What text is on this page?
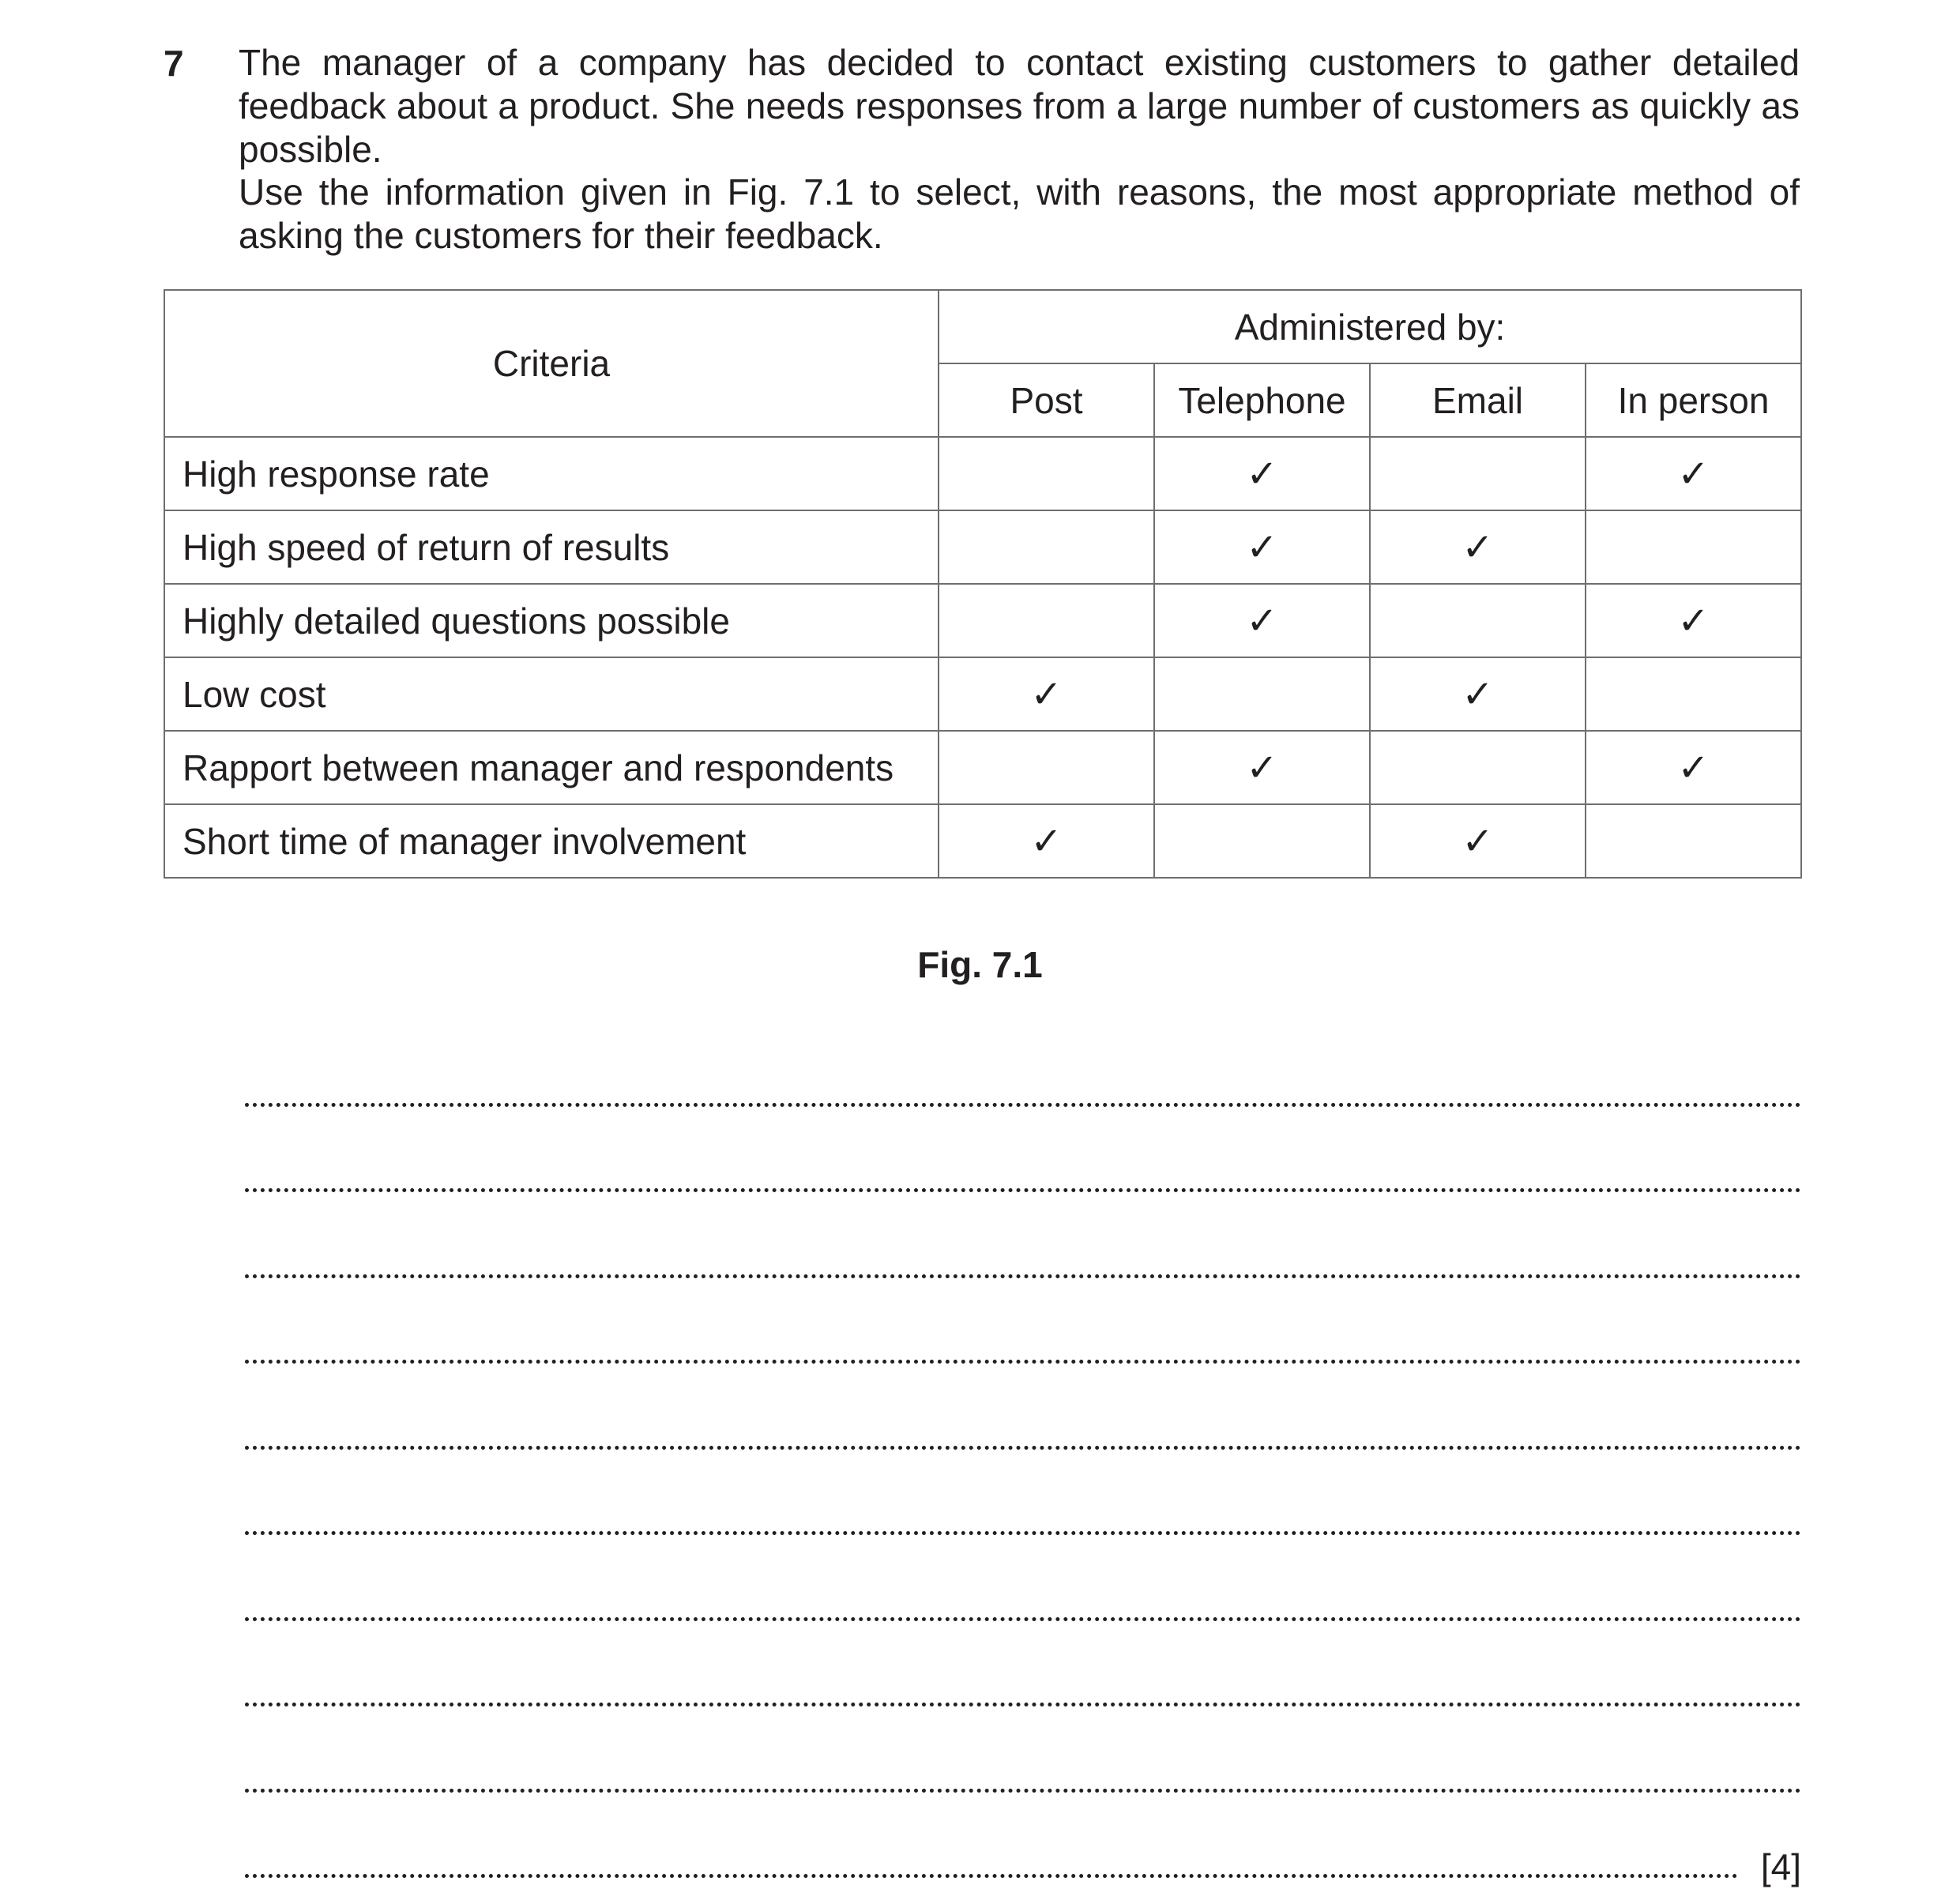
7 The manager of a company has decided to contact existing customers to gather detailed feedback about a product. She needs responses from a large number of customers as quickly as possible.
Use the information given in Fig. 7.1 to select, with reasons, the most appropriate method of asking the customers for their feedback.
Criteria	Administered by:			
	Post	Telephone	Email	In person
High response rate		✓		✓
High speed of return of results		✓	✓	
Highly detailed questions possible		✓		✓
Low cost	✓		✓	
Rapport between manager and respondents		✓		✓
Short time of manager involvement	✓		✓	
Fig. 7.1
[4]
